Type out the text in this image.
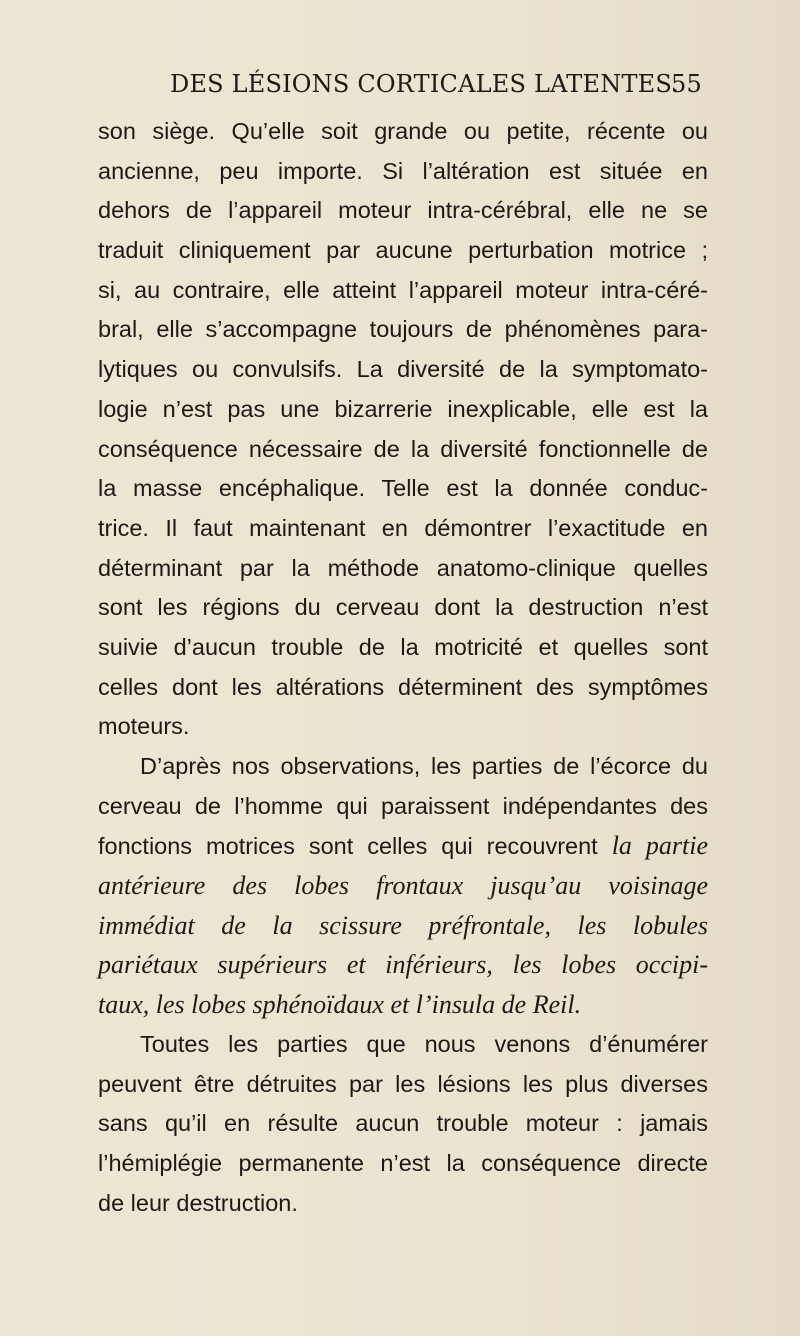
DES LÉSIONS CORTICALES LATENTES.
55
son siège. Qu’elle soit grande ou petite, récente ou
ancienne, peu importe. Si l’altération est située en
dehors de l’appareil moteur intra-cérébral, elle ne se
traduit cliniquement par aucune perturbation motrice ;
si, au contraire, elle atteint l’appareil moteur intra-céré-
bral, elle s’accompagne toujours de phénomènes para-
lytiques ou convulsifs. La diversité de la symptomato-
logie n’est pas une bizarrerie inexplicable, elle est la
conséquence nécessaire de la diversité fonctionnelle de
la masse encéphalique. Telle est la donnée conduc-
trice. Il faut maintenant en démontrer l’exactitude en
déterminant par la méthode anatomo-clinique quelles
sont les régions du cerveau dont la destruction n’est
suivie d’aucun trouble de la motricité et quelles sont
celles dont les altérations déterminent des symptômes
moteurs.
D’après nos observations, les parties de l’écorce du
cerveau de l’homme qui paraissent indépendantes des
fonctions motrices sont celles qui recouvrent la partie
antérieure des lobes frontaux jusqu’au voisinage
immédiat de la scissure préfrontale, les lobules
pariétaux supérieurs et inférieurs, les lobes occipi-
taux, les lobes sphénoïdaux et l’insula de Reil.
Toutes les parties que nous venons d’énumérer
peuvent être détruites par les lésions les plus diverses
sans qu’il en résulte aucun trouble moteur : jamais
l’hémiplégie permanente n’est la conséquence directe
de leur destruction.
